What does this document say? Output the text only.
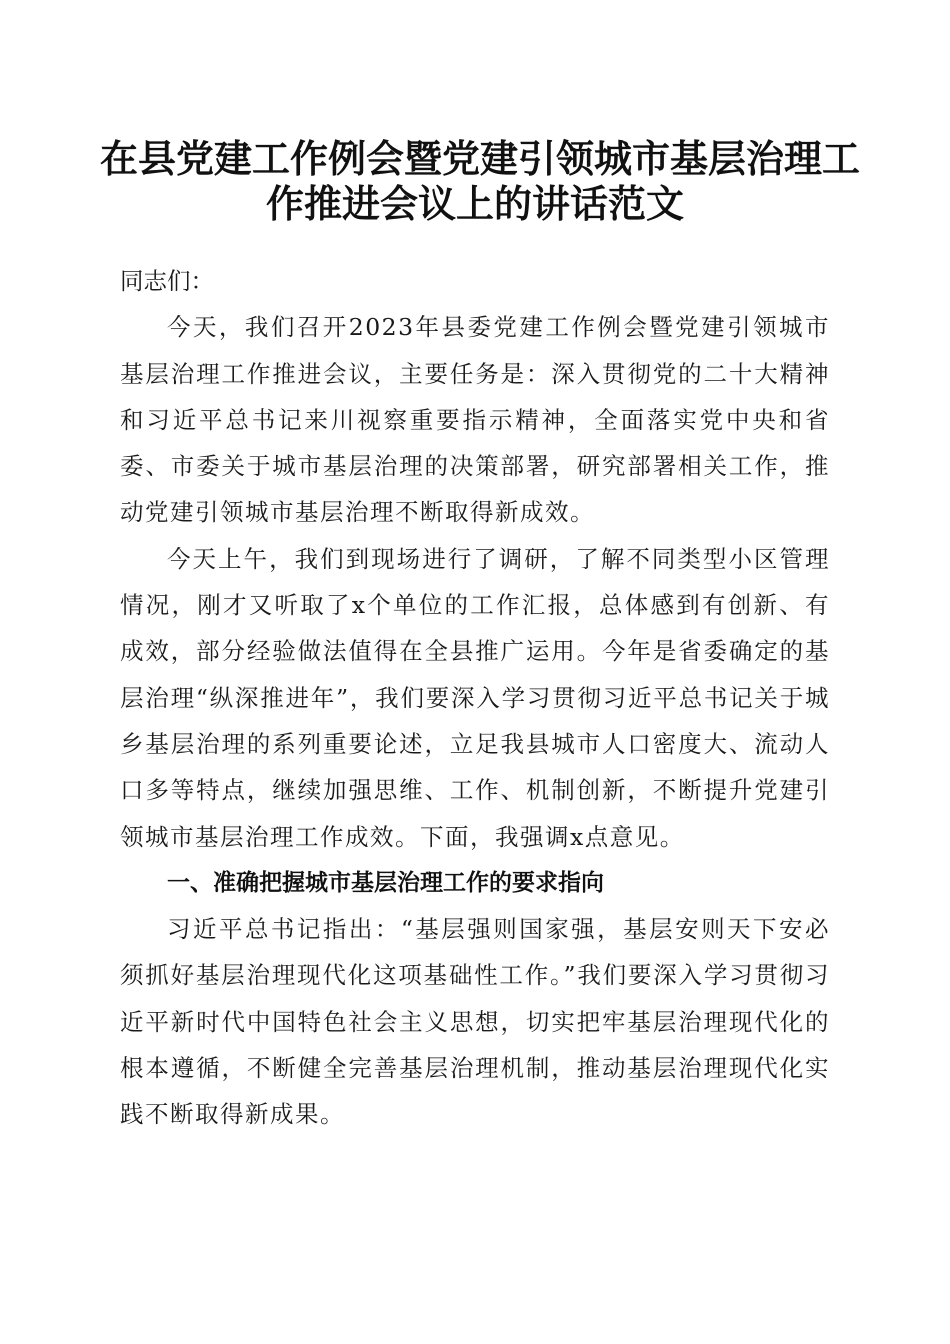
在县党建工作例会暨党建引领城市基层治理工
作推进会议上的讲话范文

同志们：

今天，我们召开2023年县委党建工作例会暨党建引领城市基层治理工作推进会议，主要任务是：深入贯彻党的二十大精神和习近平总书记来川视察重要指示精神，全面落实党中央和省委、市委关于城市基层治理的决策部署，研究部署相关工作，推动党建引领城市基层治理不断取得新成效。

今天上午，我们到现场进行了调研，了解不同类型小区管理情况，刚才又听取了x个单位的工作汇报，总体感到有创新、有成效，部分经验做法值得在全县推广运用。今年是省委确定的基层治理“纵深推进年”，我们要深入学习贯彻习近平总书记关于城乡基层治理的系列重要论述，立足我县城市人口密度大、流动人口多等特点，继续加强思维、工作、机制创新，不断提升党建引领城市基层治理工作成效。下面，我强调x点意见。

一、准确把握城市基层治理工作的要求指向

习近平总书记指出：“基层强则国家强，基层安则天下安必须抓好基层治理现代化这项基础性工作。”我们要深入学习贯彻习近平新时代中国特色社会主义思想，切实把牢基层治理现代化的根本遵循，不断健全完善基层治理机制，推动基层治理现代化实践不断取得新成果。
